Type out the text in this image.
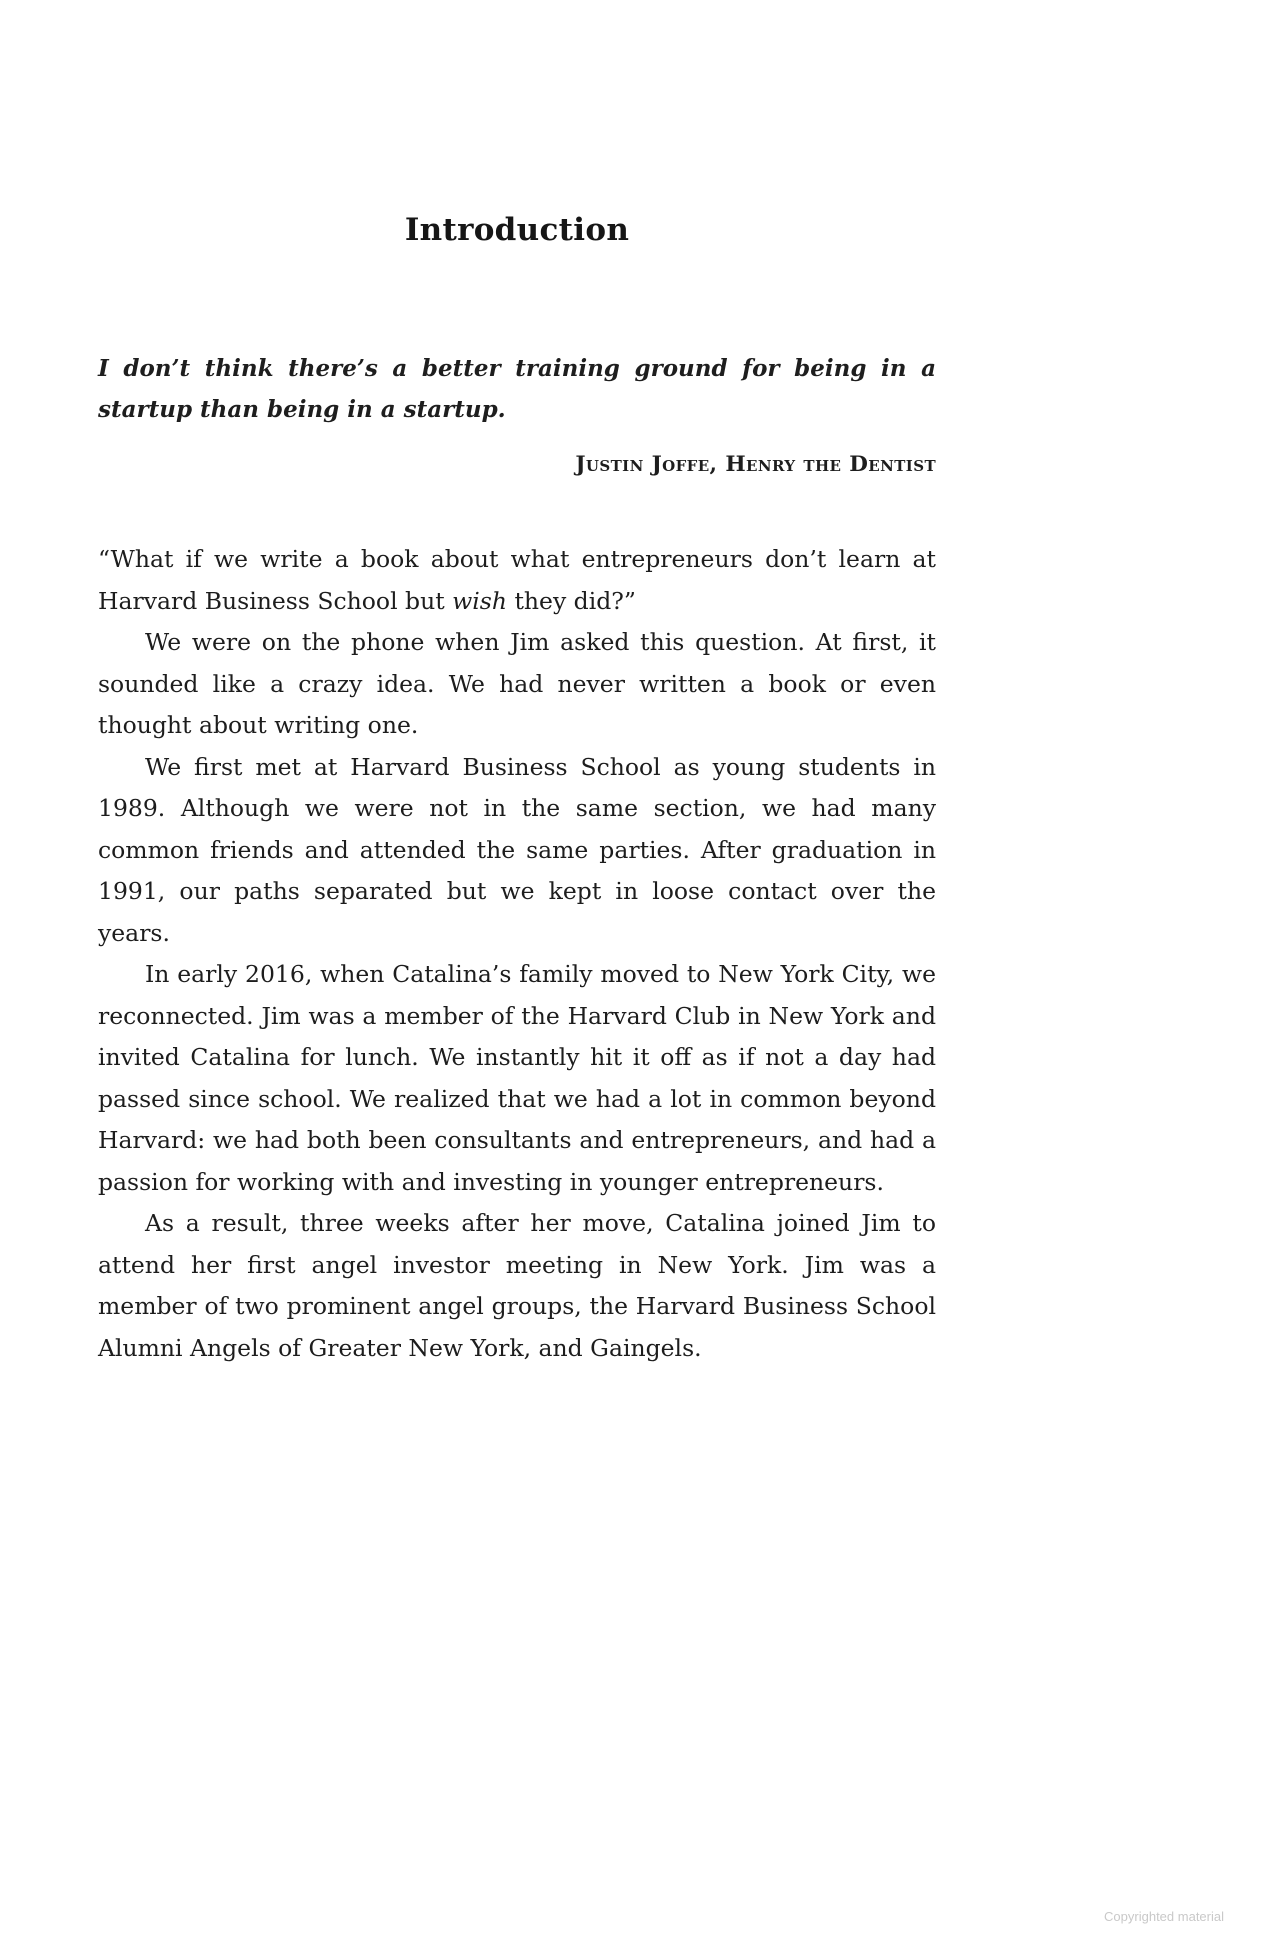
Introduction

I don’t think there’s a better training ground for being in a startup than being in a startup.

Justin Joffe, Henry the Dentist

“What if we write a book about what entrepreneurs don’t learn at Harvard Business School but wish they did?”

We were on the phone when Jim asked this question. At first, it sounded like a crazy idea. We had never written a book or even thought about writing one.

We first met at Harvard Business School as young students in 1989. Although we were not in the same section, we had many common friends and attended the same parties. After graduation in 1991, our paths separated but we kept in loose contact over the years.

In early 2016, when Catalina’s family moved to New York City, we reconnected. Jim was a member of the Harvard Club in New York and invited Catalina for lunch. We instantly hit it off as if not a day had passed since school. We realized that we had a lot in common beyond Harvard: we had both been consultants and entrepreneurs, and had a passion for working with and investing in younger entrepreneurs.

As a result, three weeks after her move, Catalina joined Jim to attend her first angel investor meeting in New York. Jim was a member of two prominent angel groups, the Harvard Business School Alumni Angels of Greater New York, and Gaingels.

Copyrighted material
